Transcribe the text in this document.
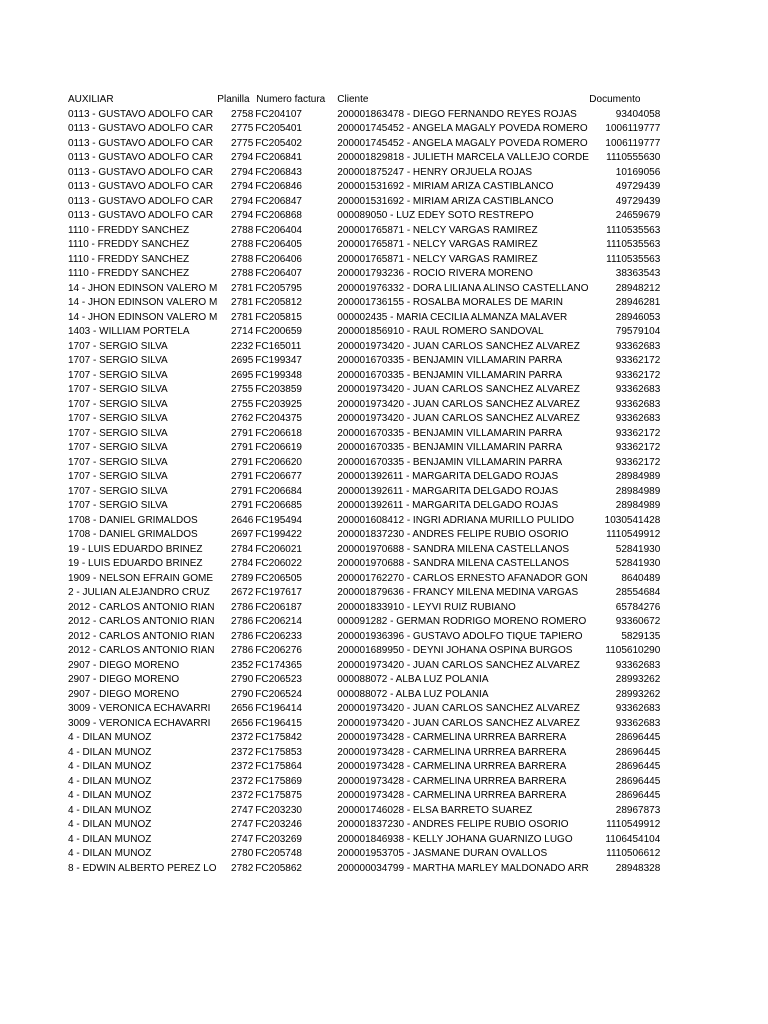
AUXILIAR	Planilla	Numero factura	Cliente	Documento
0113 - GUSTAVO ADOLFO CAR	2758	FC204107	200001863478 - DIEGO FERNANDO REYES ROJAS	93404058
0113 - GUSTAVO ADOLFO CAR	2775	FC205401	200001745452 - ANGELA MAGALY POVEDA ROMERO	1006119777
0113 - GUSTAVO ADOLFO CAR	2775	FC205402	200001745452 - ANGELA MAGALY POVEDA ROMERO	1006119777
0113 - GUSTAVO ADOLFO CAR	2794	FC206841	200001829818 - JULIETH MARCELA VALLEJO CORDE	1110555630
0113 - GUSTAVO ADOLFO CAR	2794	FC206843	200001875247 - HENRY ORJUELA ROJAS	10169056
0113 - GUSTAVO ADOLFO CAR	2794	FC206846	200001531692 - MIRIAM ARIZA CASTIBLANCO	49729439
0113 - GUSTAVO ADOLFO CAR	2794	FC206847	200001531692 - MIRIAM ARIZA CASTIBLANCO	49729439
0113 - GUSTAVO ADOLFO CAR	2794	FC206868	000089050 - LUZ EDEY SOTO RESTREPO	24659679
1110 - FREDDY SANCHEZ	2788	FC206404	200001765871 - NELCY VARGAS RAMIREZ	1110535563
1110 - FREDDY SANCHEZ	2788	FC206405	200001765871 - NELCY VARGAS RAMIREZ	1110535563
1110 - FREDDY SANCHEZ	2788	FC206406	200001765871 - NELCY VARGAS RAMIREZ	1110535563
1110 - FREDDY SANCHEZ	2788	FC206407	200001793236 - ROCIO RIVERA MORENO	38363543
14 - JHON EDINSON VALERO M	2781	FC205795	200001976332 - DORA LILIANA ALINSO CASTELLANO	28948212
14 - JHON EDINSON VALERO M	2781	FC205812	200001736155 - ROSALBA MORALES DE MARIN	28946281
14 - JHON EDINSON VALERO M	2781	FC205815	000002435 - MARIA CECILIA ALMANZA MALAVER	28946053
1403 - WILLIAM PORTELA	2714	FC200659	200001856910 - RAUL ROMERO SANDOVAL	79579104
1707 - SERGIO SILVA	2232	FC165011	200001973420 - JUAN CARLOS SANCHEZ ALVAREZ	93362683
1707 - SERGIO SILVA	2695	FC199347	200001670335 - BENJAMIN VILLAMARIN PARRA	93362172
1707 - SERGIO SILVA	2695	FC199348	200001670335 - BENJAMIN VILLAMARIN PARRA	93362172
1707 - SERGIO SILVA	2755	FC203859	200001973420 - JUAN CARLOS SANCHEZ ALVAREZ	93362683
1707 - SERGIO SILVA	2755	FC203925	200001973420 - JUAN CARLOS SANCHEZ ALVAREZ	93362683
1707 - SERGIO SILVA	2762	FC204375	200001973420 - JUAN CARLOS SANCHEZ ALVAREZ	93362683
1707 - SERGIO SILVA	2791	FC206618	200001670335 - BENJAMIN VILLAMARIN PARRA	93362172
1707 - SERGIO SILVA	2791	FC206619	200001670335 - BENJAMIN VILLAMARIN PARRA	93362172
1707 - SERGIO SILVA	2791	FC206620	200001670335 - BENJAMIN VILLAMARIN PARRA	93362172
1707 - SERGIO SILVA	2791	FC206677	200001392611 - MARGARITA DELGADO ROJAS	28984989
1707 - SERGIO SILVA	2791	FC206684	200001392611 - MARGARITA DELGADO ROJAS	28984989
1707 - SERGIO SILVA	2791	FC206685	200001392611 - MARGARITA DELGADO ROJAS	28984989
1708 - DANIEL GRIMALDOS	2646	FC195494	200001608412 - INGRI ADRIANA MURILLO PULIDO	1030541428
1708 - DANIEL GRIMALDOS	2697	FC199422	200001837230 - ANDRES FELIPE RUBIO OSORIO	1110549912
19 - LUIS EDUARDO BRINEZ	2784	FC206021	200001970688 - SANDRA MILENA CASTELLANOS	52841930
19 - LUIS EDUARDO BRINEZ	2784	FC206022	200001970688 - SANDRA MILENA CASTELLANOS	52841930
1909 - NELSON EFRAIN GOME	2789	FC206505	200001762270 - CARLOS ERNESTO AFANADOR GON	8640489
2 - JULIAN ALEJANDRO CRUZ	2672	FC197617	200001879636 - FRANCY MILENA MEDINA VARGAS	28554684
2012 - CARLOS ANTONIO RIAN	2786	FC206187	200001833910 - LEYVI RUIZ RUBIANO	65784276
2012 - CARLOS ANTONIO RIAN	2786	FC206214	000091282 - GERMAN RODRIGO MORENO ROMERO	93360672
2012 - CARLOS ANTONIO RIAN	2786	FC206233	200001936396 - GUSTAVO ADOLFO TIQUE TAPIERO	5829135
2012 - CARLOS ANTONIO RIAN	2786	FC206276	200001689950 - DEYNI JOHANA OSPINA BURGOS	1105610290
2907 - DIEGO MORENO	2352	FC174365	200001973420 - JUAN CARLOS SANCHEZ ALVAREZ	93362683
2907 - DIEGO MORENO	2790	FC206523	000088072 - ALBA LUZ POLANIA	28993262
2907 - DIEGO MORENO	2790	FC206524	000088072 - ALBA LUZ POLANIA	28993262
3009 - VERONICA ECHAVARRI	2656	FC196414	200001973420 - JUAN CARLOS SANCHEZ ALVAREZ	93362683
3009 - VERONICA ECHAVARRI	2656	FC196415	200001973420 - JUAN CARLOS SANCHEZ ALVAREZ	93362683
4 - DILAN MUNOZ	2372	FC175842	200001973428 - CARMELINA URRREA BARRERA	28696445
4 - DILAN MUNOZ	2372	FC175853	200001973428 - CARMELINA URRREA BARRERA	28696445
4 - DILAN MUNOZ	2372	FC175864	200001973428 - CARMELINA URRREA BARRERA	28696445
4 - DILAN MUNOZ	2372	FC175869	200001973428 - CARMELINA URRREA BARRERA	28696445
4 - DILAN MUNOZ	2372	FC175875	200001973428 - CARMELINA URRREA BARRERA	28696445
4 - DILAN MUNOZ	2747	FC203230	200001746028 - ELSA BARRETO SUAREZ	28967873
4 - DILAN MUNOZ	2747	FC203246	200001837230 - ANDRES FELIPE RUBIO OSORIO	1110549912
4 - DILAN MUNOZ	2747	FC203269	200001846938 - KELLY JOHANA GUARNIZO LUGO	1106454104
4 - DILAN MUNOZ	2780	FC205748	200001953705 - JASMANE DURAN OVALLOS	1110506612
8 - EDWIN ALBERTO PEREZ LO	2782	FC205862	200000034799 - MARTHA MARLEY MALDONADO ARR	28948328
